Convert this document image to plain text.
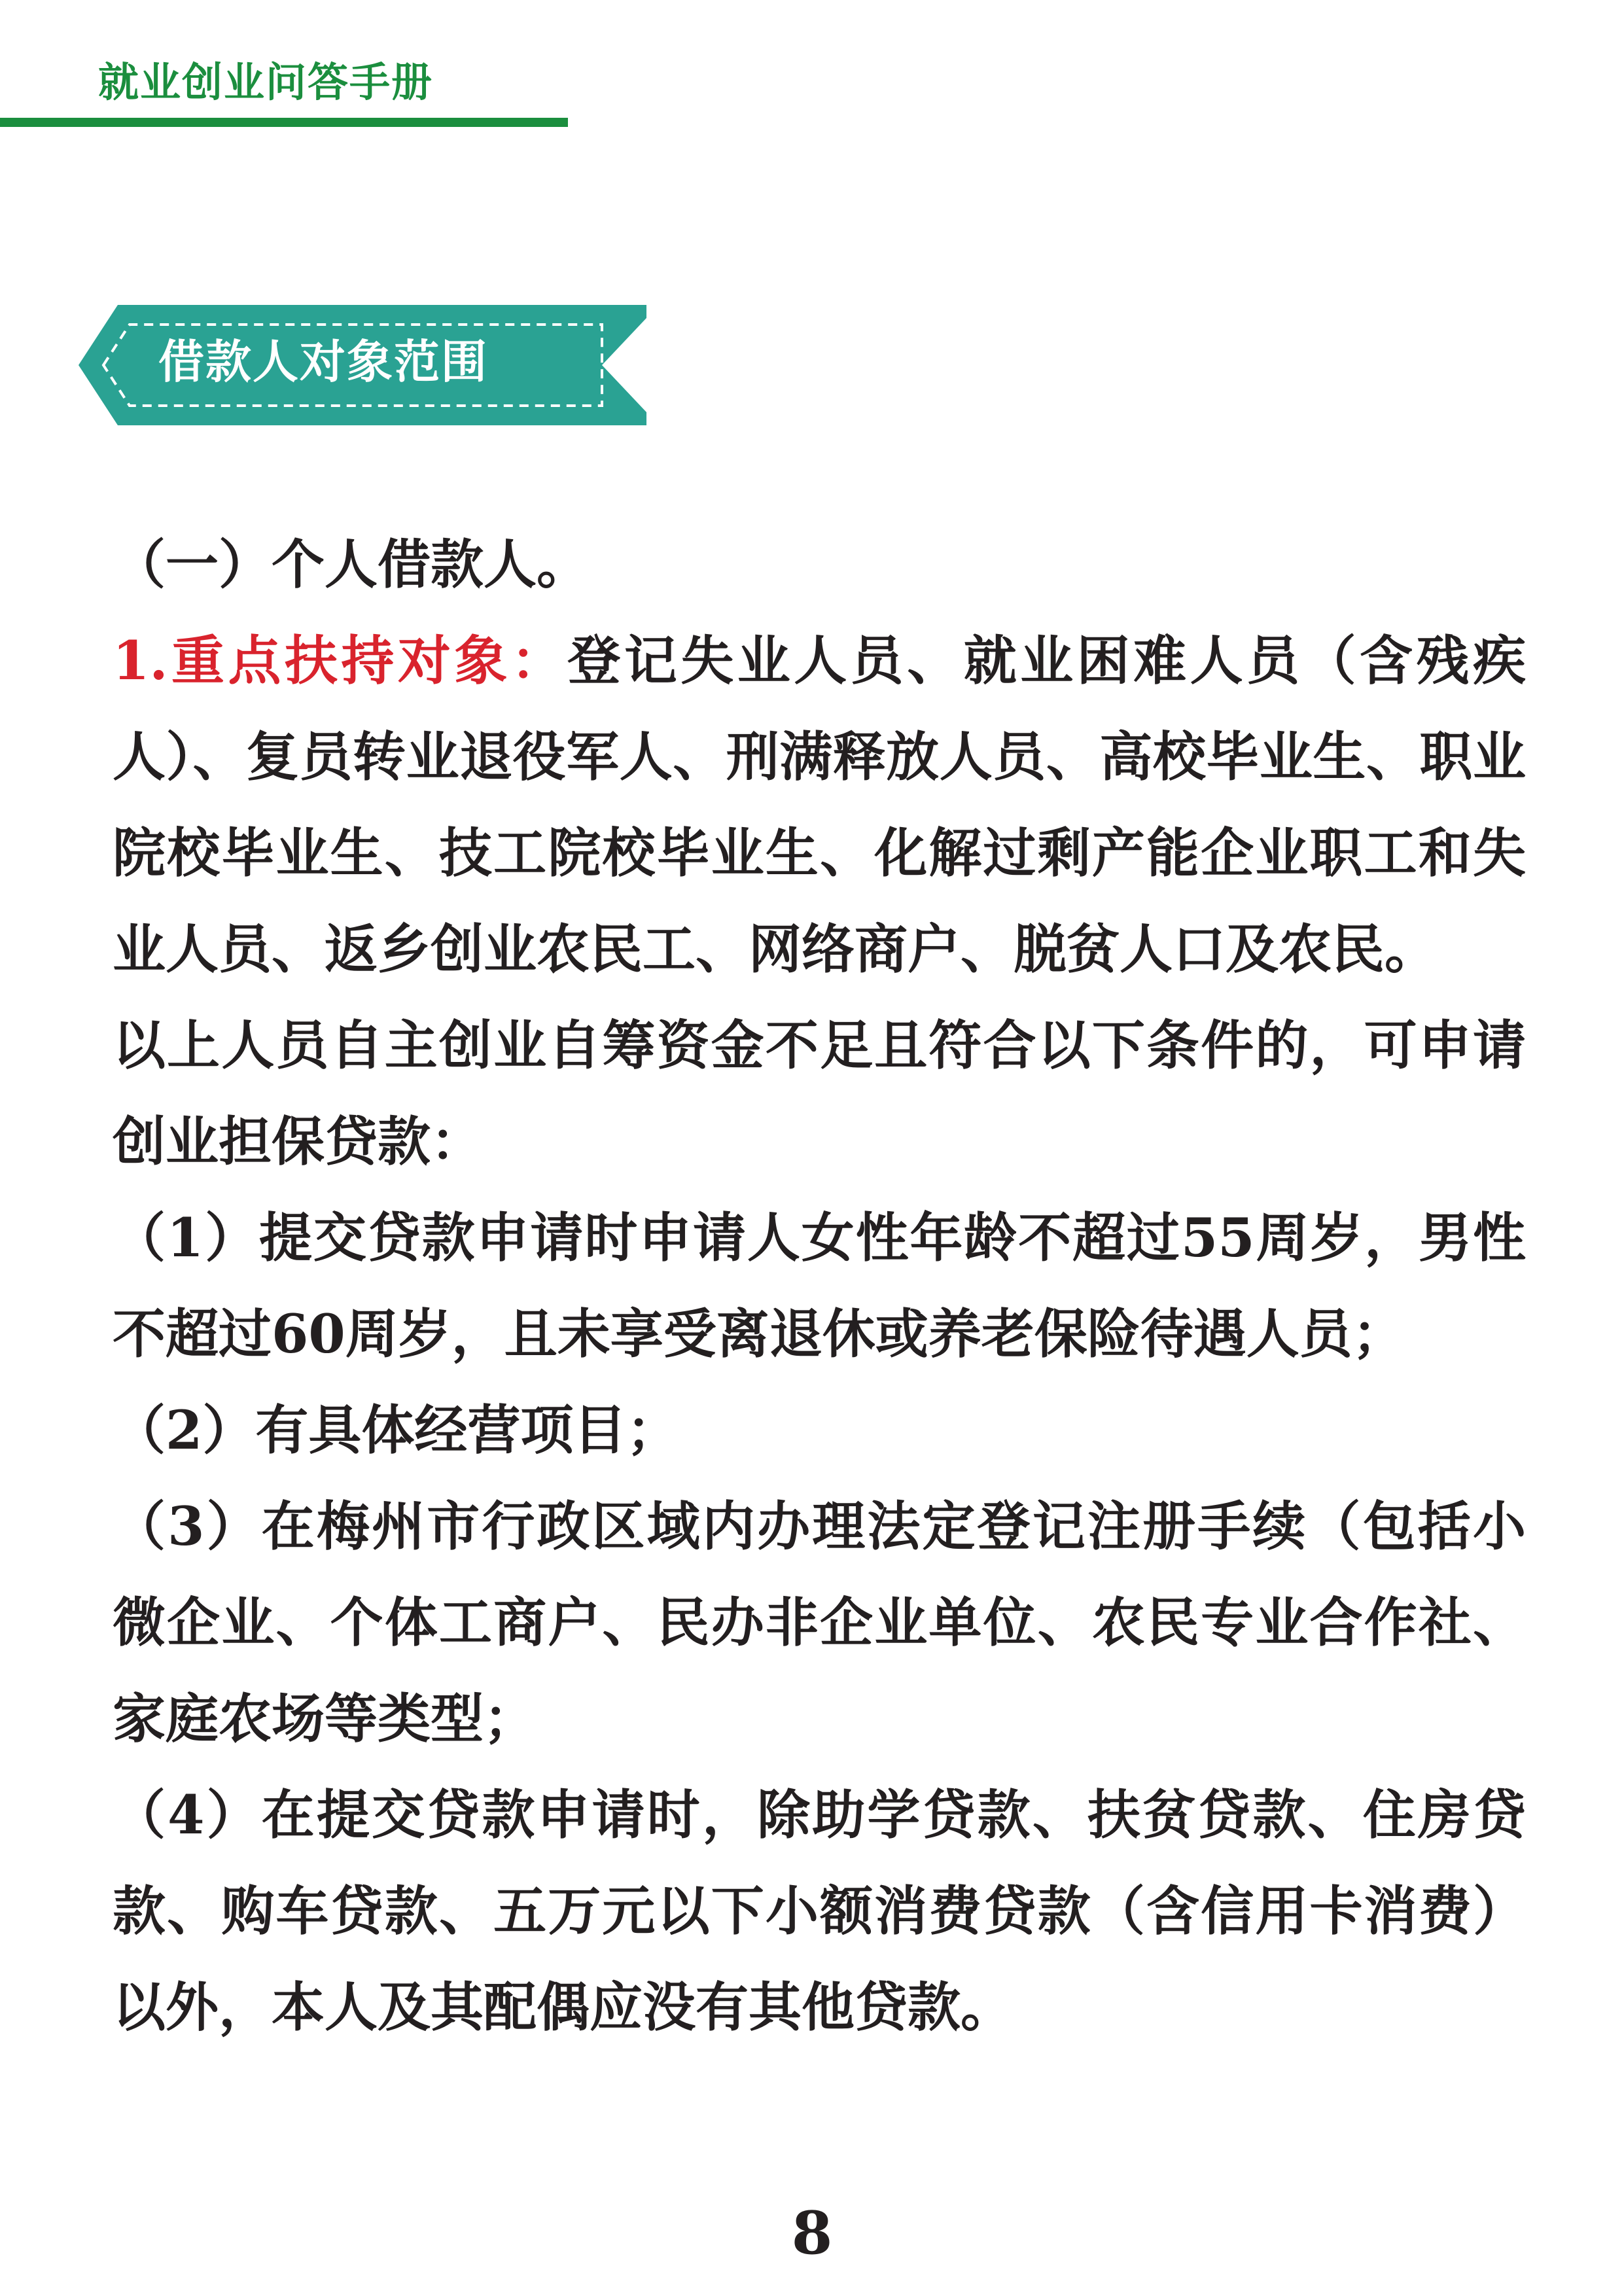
就业创业问答手册
借款人对象范围

（一）个人借款人。

1.重点扶持对象：登记失业人员、就业困难人员（含残疾人）、复员转业退役军人、刑满释放人员、高校毕业生、职业院校毕业生、技工院校毕业生、化解过剩产能企业职工和失业人员、返乡创业农民工、网络商户、脱贫人口及农民。

以上人员自主创业自筹资金不足且符合以下条件的，可申请创业担保贷款：

（1）提交贷款申请时申请人女性年龄不超过55周岁，男性不超过60周岁，且未享受离退休或养老保险待遇人员；

（2）有具体经营项目；

（3）在梅州市行政区域内办理法定登记注册手续（包括小微企业、个体工商户、民办非企业单位、农民专业合作社、家庭农场等类型；

（4）在提交贷款申请时，除助学贷款、扶贫贷款、住房贷款、购车贷款、五万元以下小额消费贷款（含信用卡消费）以外，本人及其配偶应没有其他贷款。

8
